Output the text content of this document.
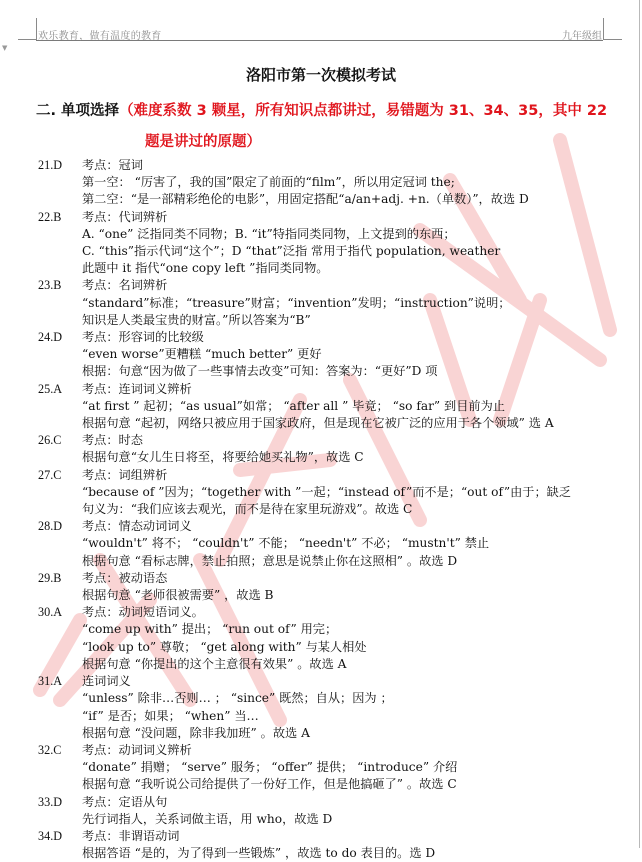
欢乐教育，做有温度的教育	九年级组
▼
洛阳市第一次模拟考试
二. 单项选择（难度系数 3 颗星，所有知识点都讲过，易错题为 31、34、35，其中 22
题是讲过的原题）
21.D	考点：冠词
第一空： “厉害了，我的国”限定了前面的“film”，所以用定冠词 the;
第二空：“是一部精彩绝伦的电影”，用固定搭配“a/an+adj. +n.（单数）”，故选 D
22.B	考点：代词辨析
A. “one” 泛指同类不同物；B. “it”特指同类同物，上文提到的东西；
C. “this”指示代词“这个”；D “that”泛指 常用于指代 population, weather
此题中 it 指代“one copy left ”指同类同物。
23.B	考点：名词辨析
“standard”标准；“treasure”财富；“invention”发明；“instruction”说明；
知识是人类最宝贵的财富。”所以答案为“B”
24.D	考点：形容词的比较级
“even worse”更糟糕 “much better” 更好
根据：句意“因为做了一些事情去改变”可知：答案为：“更好”D 项
25.A	考点：连词词义辨析
“at first ” 起初；“as usual”如常； “after all ” 毕竟； “so far” 到目前为止
根据句意 “起初，网络只被应用于国家政府，但是现在它被广泛的应用于各个领域” 选 A
26.C	考点：时态
根据句意“女儿生日将至，将要给她买礼物”，故选 C
27.C	考点：词组辨析
“because of ”因为；“together with ”一起；“instead of”而不是；“out of”由于；缺乏
句义为：“我们应该去观光，而不是待在家里玩游戏”。故选 C
28.D	考点：情态动词词义
“wouldn't” 将不； “couldn't” 不能； “needn't” 不必； “mustn't” 禁止
根据句意 “看标志牌，禁止拍照；意思是说禁止你在这照相” 。故选 D
29.B	考点：被动语态
根据句意 “老师很被需要” ，故选 B
30.A	考点：动词短语词义。
“come up with” 提出； “run out of” 用完；
“look up to” 尊敬； “get along with” 与某人相处
根据句意 “你提出的这个主意很有效果” 。故选 A
31.A	连词词义
“unless” 除非…否则… ； “since” 既然；自从；因为 ；
“if” 是否；如果； “when” 当…
根据句意 “没问题，除非我加班” 。故选 A
32.C	考点：动词词义辨析
“donate” 捐赠； “serve” 服务； “offer” 提供； “introduce” 介绍
根据句意 “我听说公司给提供了一份好工作，但是他搞砸了” 。故选 C
33.D	考点：定语从句
先行词指人，关系词做主语，用 who，故选 D
34.D	考点：非谓语动词
根据答语 “是的，为了得到一些锻炼” ，故选 to do 表目的。选 D
